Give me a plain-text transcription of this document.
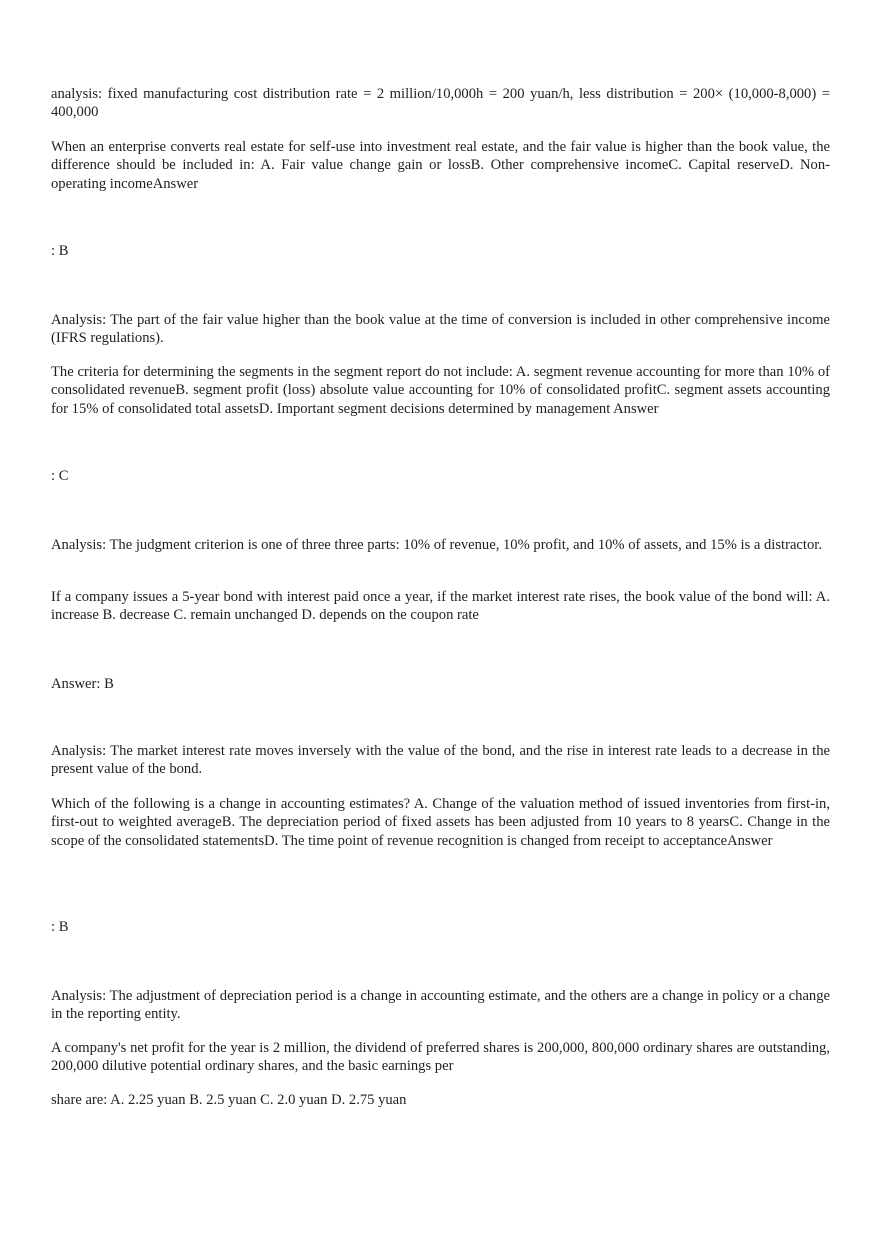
analysis: fixed manufacturing cost distribution rate = 2 million/10,000h = 200 yuan/h, less distribution = 200× (10,000-8,000) = 400,000

When an enterprise converts real estate for self-use into investment real estate, and the fair value is higher than the book value, the difference should be included in: A. Fair value change gain or lossB. Other comprehensive incomeC. Capital reserveD. Non-operating incomeAnswer

: B

Analysis: The part of the fair value higher than the book value at the time of conversion is included in other comprehensive income (IFRS regulations).

The criteria for determining the segments in the segment report do not include: A. segment revenue accounting for more than 10% of consolidated revenueB. segment profit (loss) absolute value accounting for 10% of consolidated profitC. segment assets accounting for 15% of consolidated total assetsD. Important segment decisions determined by management Answer

: C

Analysis: The judgment criterion is one of three three parts: 10% of revenue, 10% profit, and 10% of assets, and 15% is a distractor.

If a company issues a 5-year bond with interest paid once a year, if the market interest rate rises, the book value of the bond will: A. increase B. decrease C. remain unchanged D. depends on the coupon rate

Answer: B

Analysis: The market interest rate moves inversely with the value of the bond, and the rise in interest rate leads to a decrease in the present value of the bond.

Which of the following is a change in accounting estimates? A. Change of the valuation method of issued inventories from first-in, first-out to weighted averageB. The depreciation period of fixed assets has been adjusted from 10 years to 8 yearsC. Change in the scope of the consolidated statementsD. The time point of revenue recognition is changed from receipt to acceptanceAnswer

: B

Analysis: The adjustment of depreciation period is a change in accounting estimate, and the others are a change in policy or a change in the reporting entity.

A company's net profit for the year is 2 million, the dividend of preferred shares is 200,000, 800,000 ordinary shares are outstanding, 200,000 dilutive potential ordinary shares, and the basic earnings per

share are: A. 2.25 yuan B. 2.5 yuan C. 2.0 yuan D. 2.75 yuan
